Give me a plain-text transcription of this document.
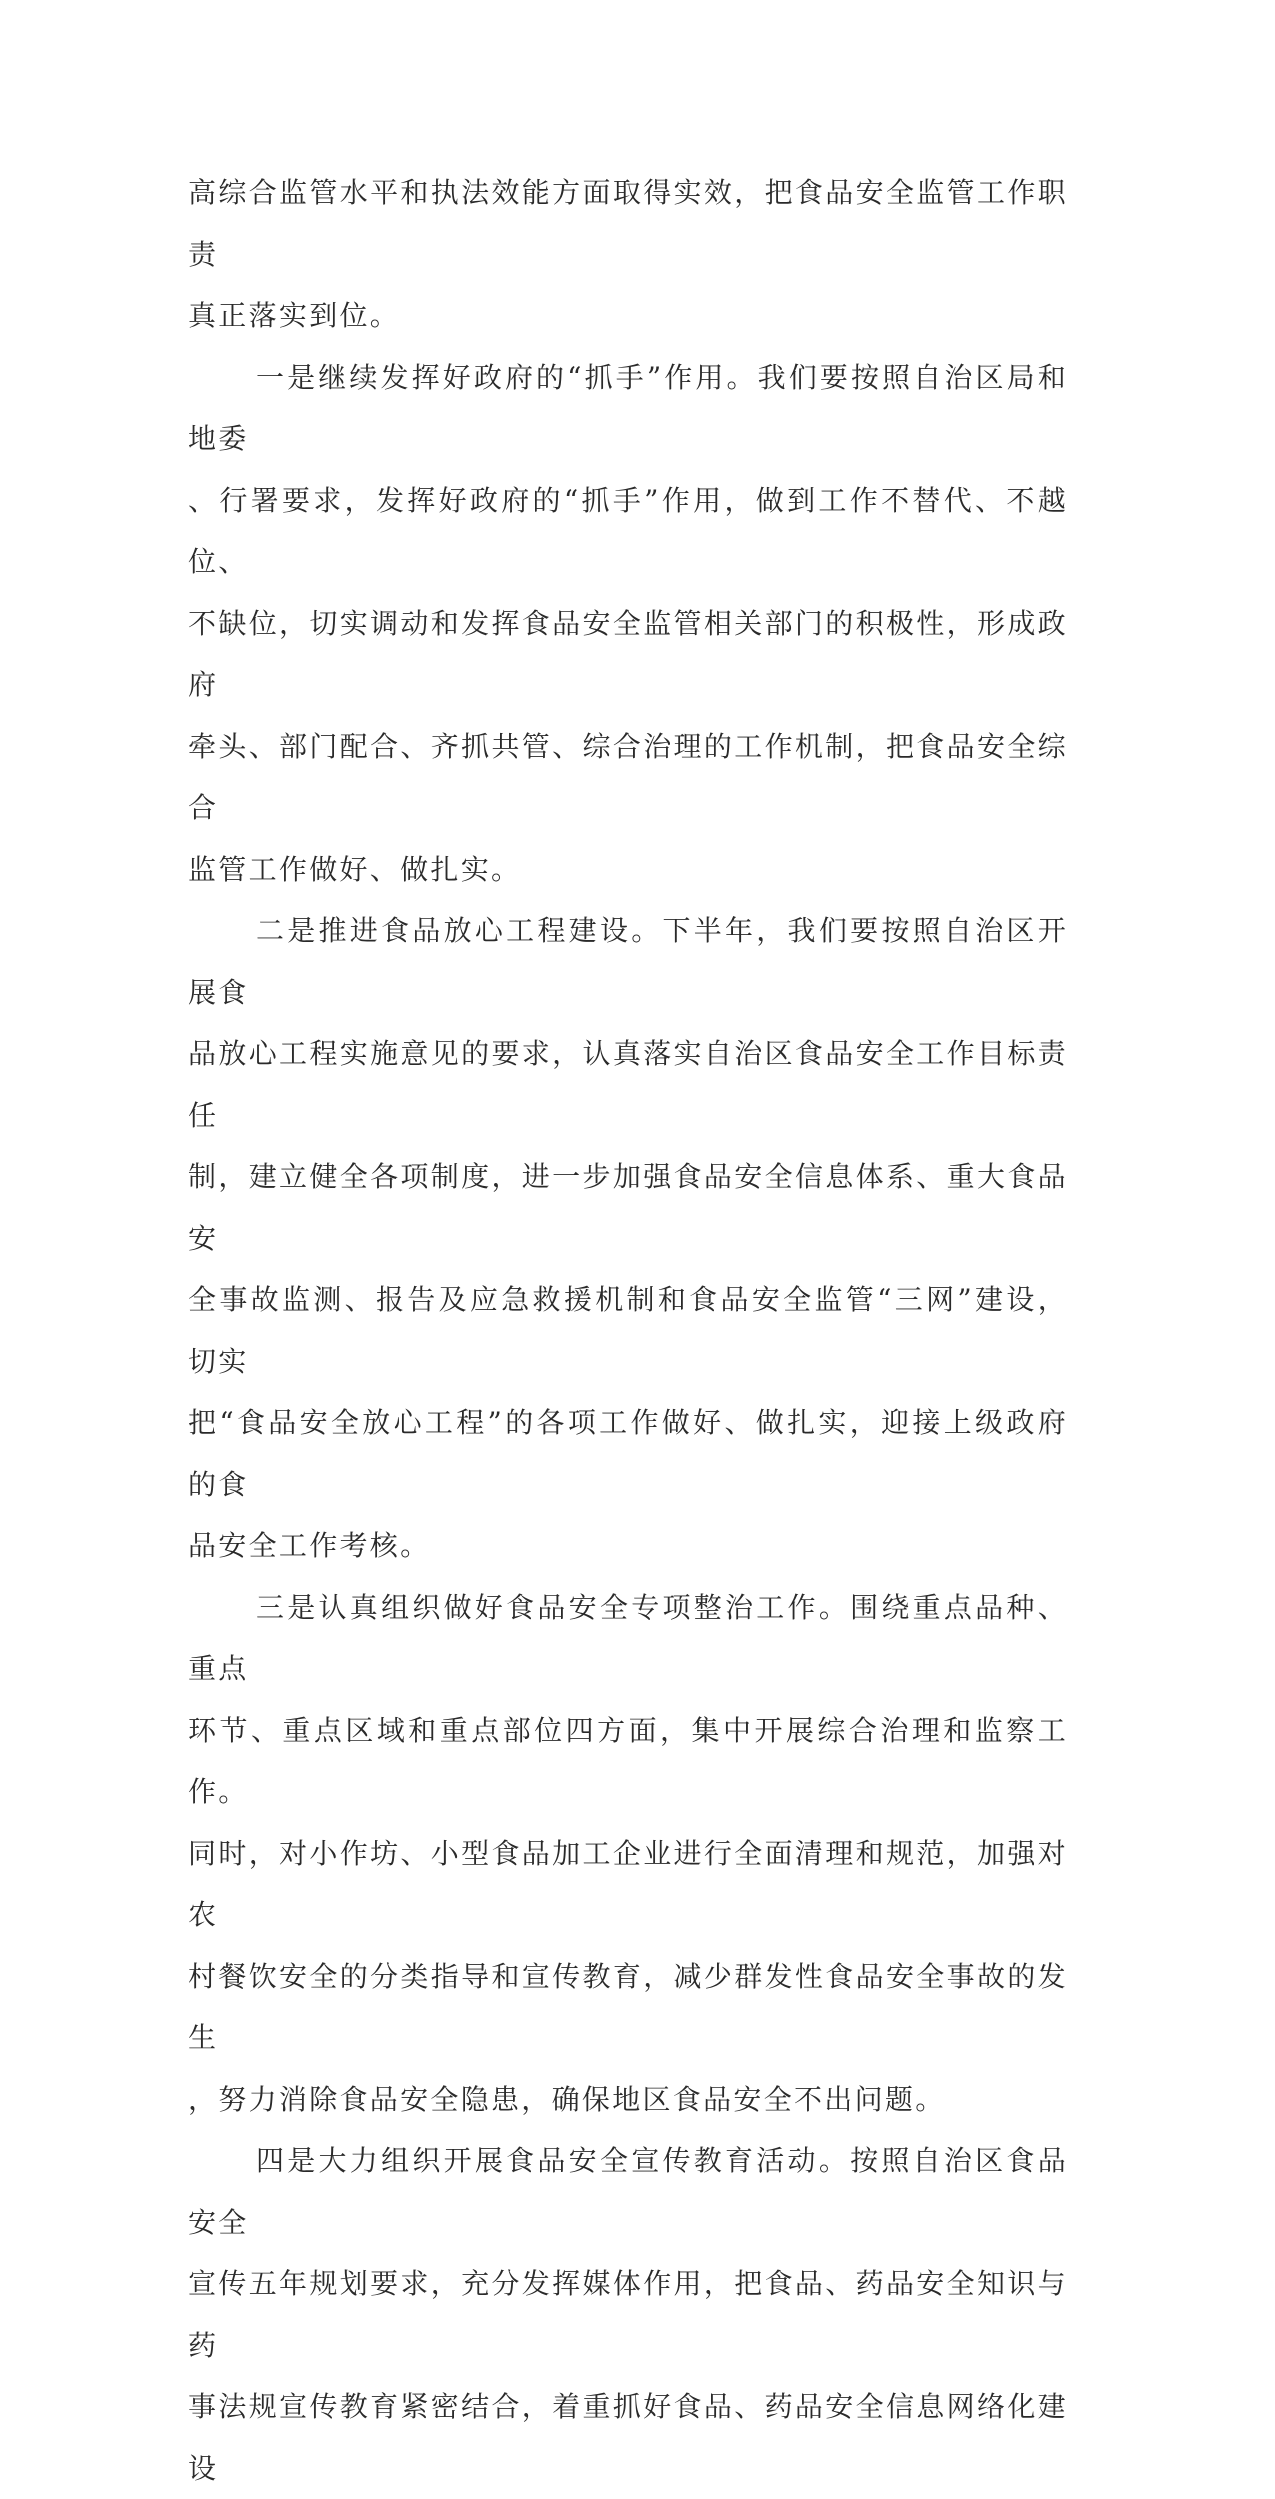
高综合监管水平和执法效能方面取得实效，把食品安全监管工作职责
真正落实到位。
一是继续发挥好政府的“抓手”作用。我们要按照自治区局和地委
、行署要求，发挥好政府的“抓手”作用，做到工作不替代、不越位、
不缺位，切实调动和发挥食品安全监管相关部门的积极性，形成政府
牵头、部门配合、齐抓共管、综合治理的工作机制，把食品安全综合
监管工作做好、做扎实。
二是推进食品放心工程建设。下半年，我们要按照自治区开展食
品放心工程实施意见的要求，认真落实自治区食品安全工作目标责任
制，建立健全各项制度，进一步加强食品安全信息体系、重大食品安
全事故监测、报告及应急救援机制和食品安全监管“三网”建设，切实
把“食品安全放心工程”的各项工作做好、做扎实，迎接上级政府的食
品安全工作考核。
三是认真组织做好食品安全专项整治工作。围绕重点品种、重点
环节、重点区域和重点部位四方面，集中开展综合治理和监察工作。
同时，对小作坊、小型食品加工企业进行全面清理和规范，加强对农
村餐饮安全的分类指导和宣传教育，减少群发性食品安全事故的发生
，努力消除食品安全隐患，确保地区食品安全不出问题。
四是大力组织开展食品安全宣传教育活动。按照自治区食品安全
宣传五年规划要求，充分发挥媒体作用，把食品、药品安全知识与药
事法规宣传教育紧密结合，着重抓好食品、药品安全信息网络化建设
